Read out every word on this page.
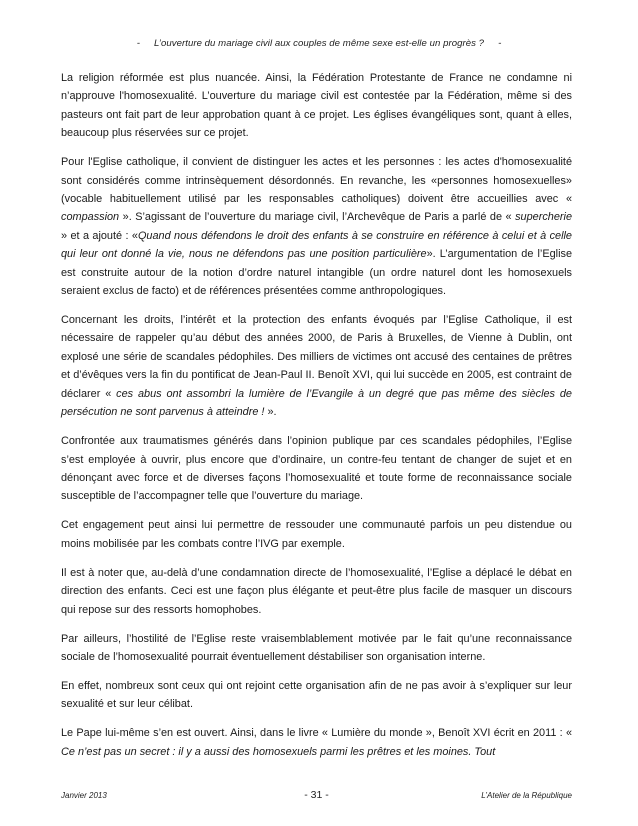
- L’ouverture du mariage civil aux couples de même sexe est-elle un progrès ? -

La religion réformée est plus nuancée. Ainsi, la Fédération Protestante de France ne condamne ni n’approuve l'homosexualité. L’ouverture du mariage civil est contestée par la Fédération, même si des pasteurs ont fait part de leur approbation quant à ce projet. Les églises évangéliques sont, quant à elles, beaucoup plus réservées sur ce projet.

Pour l'Eglise catholique, il convient de distinguer les actes et les personnes : les actes d'homosexualité sont considérés comme intrinsèquement désordonnés. En revanche, les «personnes homosexuelles» (vocable habituellement utilisé par les responsables catholiques) doivent être accueillies avec « compassion ». S’agissant de l’ouverture du mariage civil, l’Archevêque de Paris a parlé de « supercherie » et a ajouté : «Quand nous défendons le droit des enfants à se construire en référence à celui et à celle qui leur ont donné la vie, nous ne défendons pas une position particulière». L’argumentation de l’Eglise est construite autour de la notion d’ordre naturel intangible (un ordre naturel dont les homosexuels seraient exclus de facto) et de références présentées comme anthropologiques.

Concernant les droits, l’intérêt et la protection des enfants évoqués par l’Eglise Catholique, il est nécessaire de rappeler qu’au début des années 2000, de Paris à Bruxelles, de Vienne à Dublin, ont explosé une série de scandales pédophiles. Des milliers de victimes ont accusé des centaines de prêtres et d’évêques vers la fin du pontificat de Jean-Paul II. Benoît XVI, qui lui succède en 2005, est contraint de déclarer « ces abus ont assombri la lumière de l’Evangile à un degré que pas même des siècles de persécution ne sont parvenus à atteindre ! ».

Confrontée aux traumatismes générés dans l’opinion publique par ces scandales pédophiles, l’Eglise s’est employée à ouvrir, plus encore que d’ordinaire, un contre-feu tentant de changer de sujet et en dénonçant avec force et de diverses façons l’homosexualité et toute forme de reconnaissance sociale susceptible de l’accompagner telle que l’ouverture du mariage.

Cet engagement peut ainsi lui permettre de ressouder une communauté parfois un peu distendue ou moins mobilisée par les combats contre l’IVG par exemple.

Il est à noter que, au-delà d’une condamnation directe de l’homosexualité, l’Eglise a déplacé le débat en direction des enfants. Ceci est une façon plus élégante et peut-être plus facile de masquer un discours qui repose sur des ressorts homophobes.

Par ailleurs, l’hostilité de l’Eglise reste vraisemblablement motivée par le fait qu’une reconnaissance sociale de l’homosexualité pourrait éventuellement déstabiliser son organisation interne.

En effet, nombreux sont ceux qui ont rejoint cette organisation afin de ne pas avoir à s’expliquer sur leur sexualité et sur leur célibat.

Le Pape lui-même s’en est ouvert. Ainsi, dans le livre « Lumière du monde », Benoît XVI écrit en 2011 : « Ce n’est pas un secret : il y a aussi des homosexuels parmi les prêtres et les moines. Tout

Janvier 2013	- 31 -	L’Atelier de la République
